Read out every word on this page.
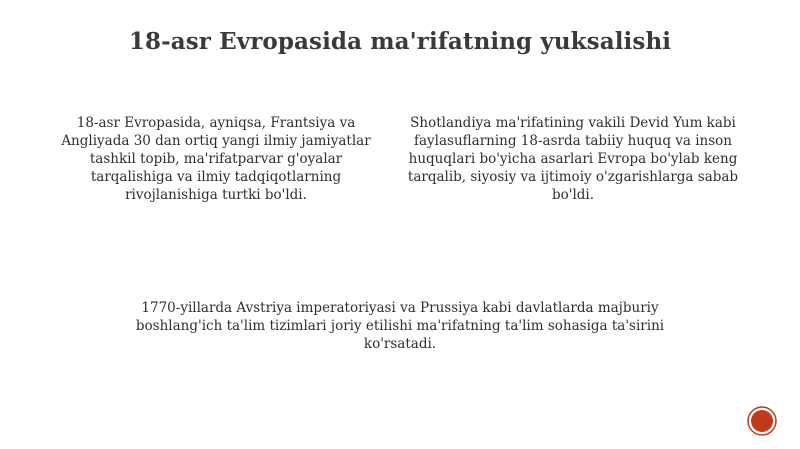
18-asr Evropasida ma'rifatning yuksalishi
18-asr Evropasida, ayniqsa, Frantsiya va Angliyada 30 dan ortiq yangi ilmiy jamiyatlar tashkil topib, ma'rifatparvar g'oyalar tarqalishiga va ilmiy tadqiqotlarning rivojlanishiga turtki bo'ldi.
Shotlandiya ma'rifatining vakili Devid Yum kabi faylasuflarning 18-asrda tabiiy huquq va inson huquqlari bo'yicha asarlari Evropa bo'ylab keng tarqalib, siyosiy va ijtimoiy o'zgarishlarga sabab bo'ldi.
1770-yillarda Avstriya imperatoriyasi va Prussiya kabi davlatlarda majburiy boshlang'ich ta'lim tizimlari joriy etilishi ma'rifatning ta'lim sohasiga ta'sirini ko'rsatadi.
